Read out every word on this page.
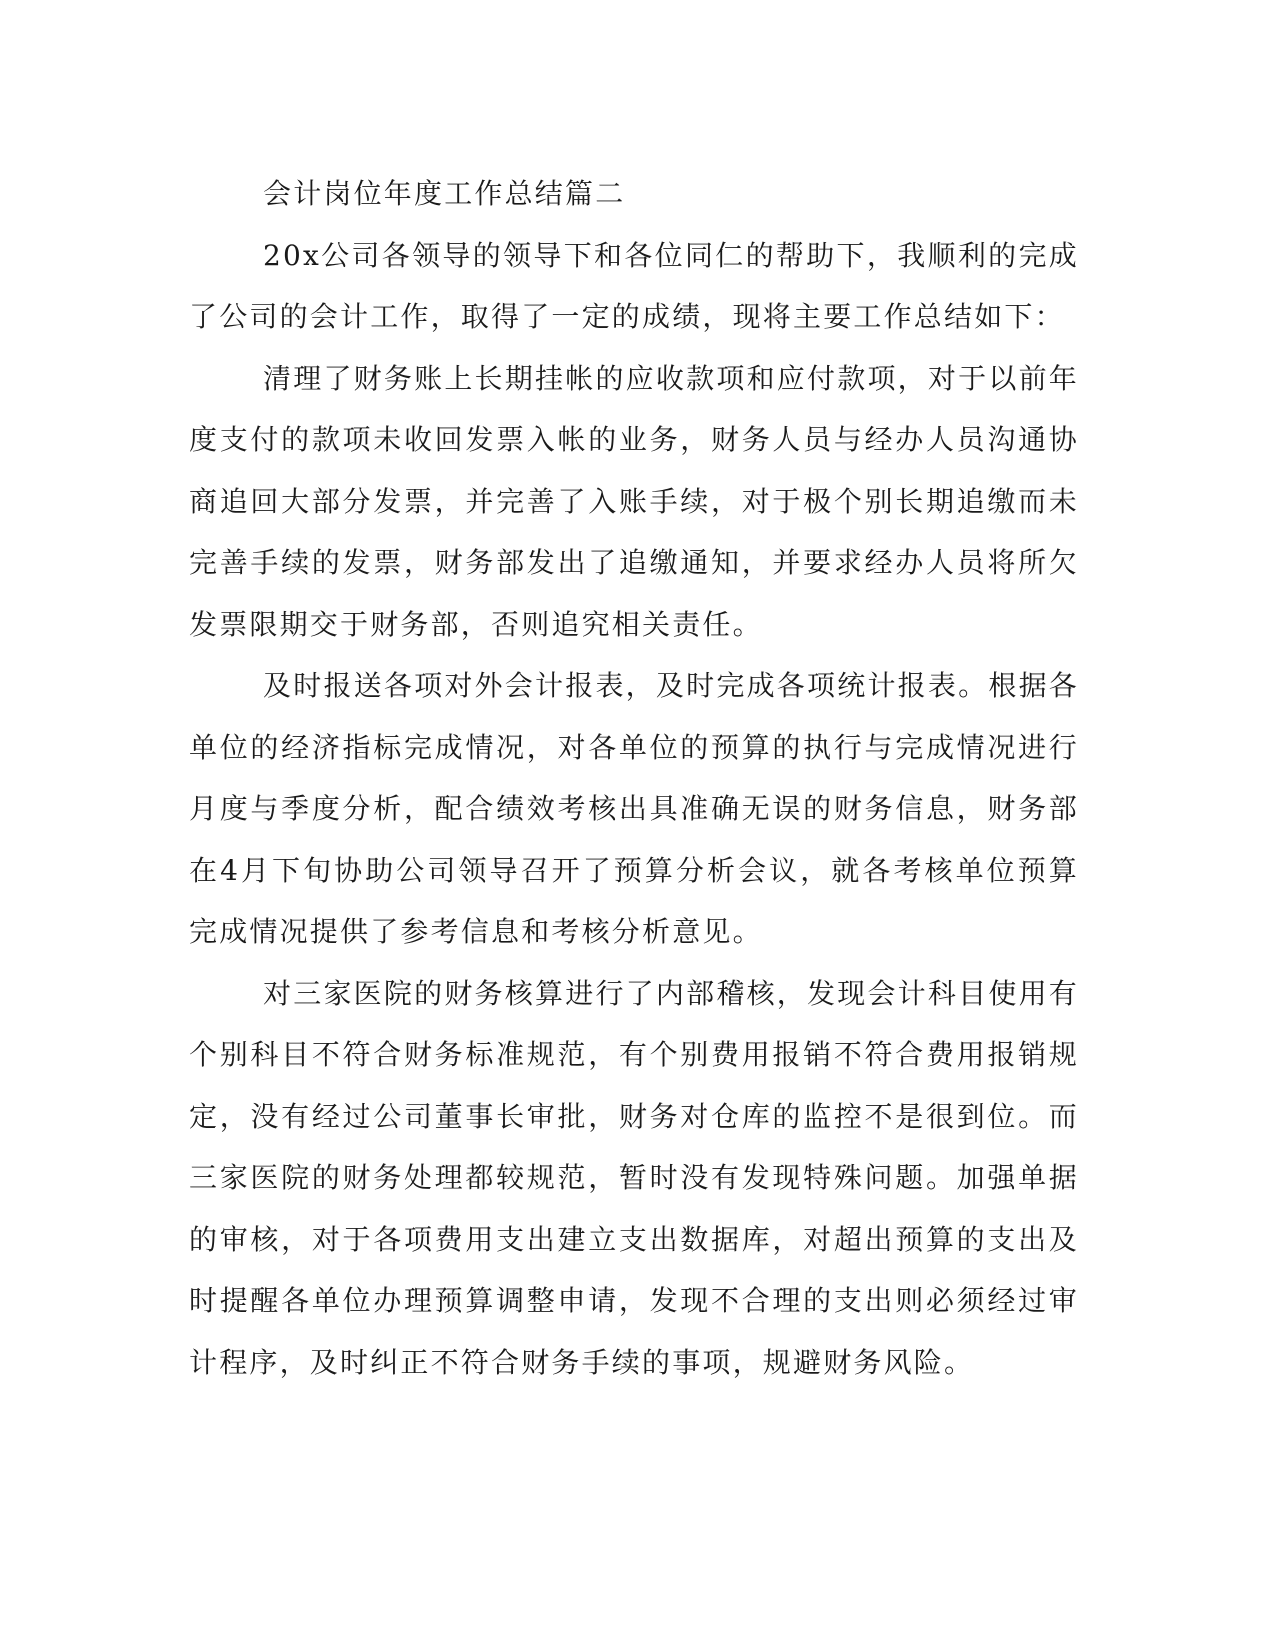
会计岗位年度工作总结篇二

20x公司各领导的领导下和各位同仁的帮助下，我顺利的完成了公司的会计工作，取得了一定的成绩，现将主要工作总结如下：

清理了财务账上长期挂帐的应收款项和应付款项，对于以前年度支付的款项未收回发票入帐的业务，财务人员与经办人员沟通协商追回大部分发票，并完善了入账手续，对于极个别长期追缴而未完善手续的发票，财务部发出了追缴通知，并要求经办人员将所欠发票限期交于财务部，否则追究相关责任。

及时报送各项对外会计报表，及时完成各项统计报表。根据各单位的经济指标完成情况，对各单位的预算的执行与完成情况进行月度与季度分析，配合绩效考核出具准确无误的财务信息，财务部在4月下旬协助公司领导召开了预算分析会议，就各考核单位预算完成情况提供了参考信息和考核分析意见。

对三家医院的财务核算进行了内部稽核，发现会计科目使用有个别科目不符合财务标准规范，有个别费用报销不符合费用报销规定，没有经过公司董事长审批，财务对仓库的监控不是很到位。而三家医院的财务处理都较规范，暂时没有发现特殊问题。加强单据的审核，对于各项费用支出建立支出数据库，对超出预算的支出及时提醒各单位办理预算调整申请，发现不合理的支出则必须经过审计程序，及时纠正不符合财务手续的事项，规避财务风险。
